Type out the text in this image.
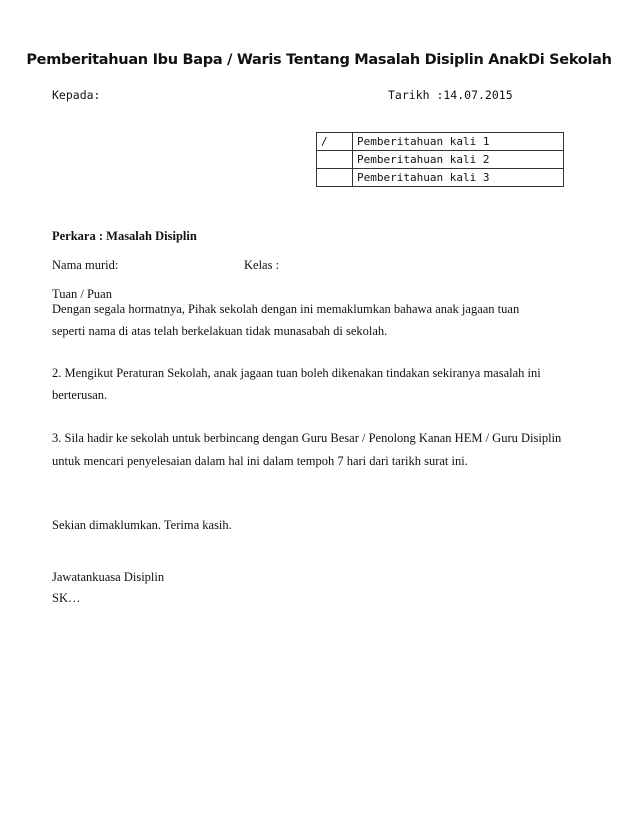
Pemberitahuan Ibu Bapa / Waris Tentang Masalah Disiplin AnakDi Sekolah
Kepada:	Tarikh :14.07.2015
/	Pemberitahuan kali 1
	Pemberitahuan kali 2
	Pemberitahuan kali 3
Perkara : Masalah Disiplin
Nama murid:	Kelas :
Tuan / Puan
Dengan segala hormatnya, Pihak sekolah dengan ini memaklumkan bahawa anak jagaan tuan
seperti nama di atas telah berkelakuan tidak munasabah di sekolah.
2. Mengikut Peraturan Sekolah, anak jagaan tuan boleh dikenakan tindakan sekiranya masalah ini
berterusan.
3. Sila hadir ke sekolah untuk berbincang dengan Guru Besar / Penolong Kanan HEM / Guru Disiplin
untuk mencari penyelesaian dalam hal ini dalam tempoh 7 hari dari tarikh surat ini.
Sekian dimaklumkan. Terima kasih.
Jawatankuasa Disiplin
SK…
